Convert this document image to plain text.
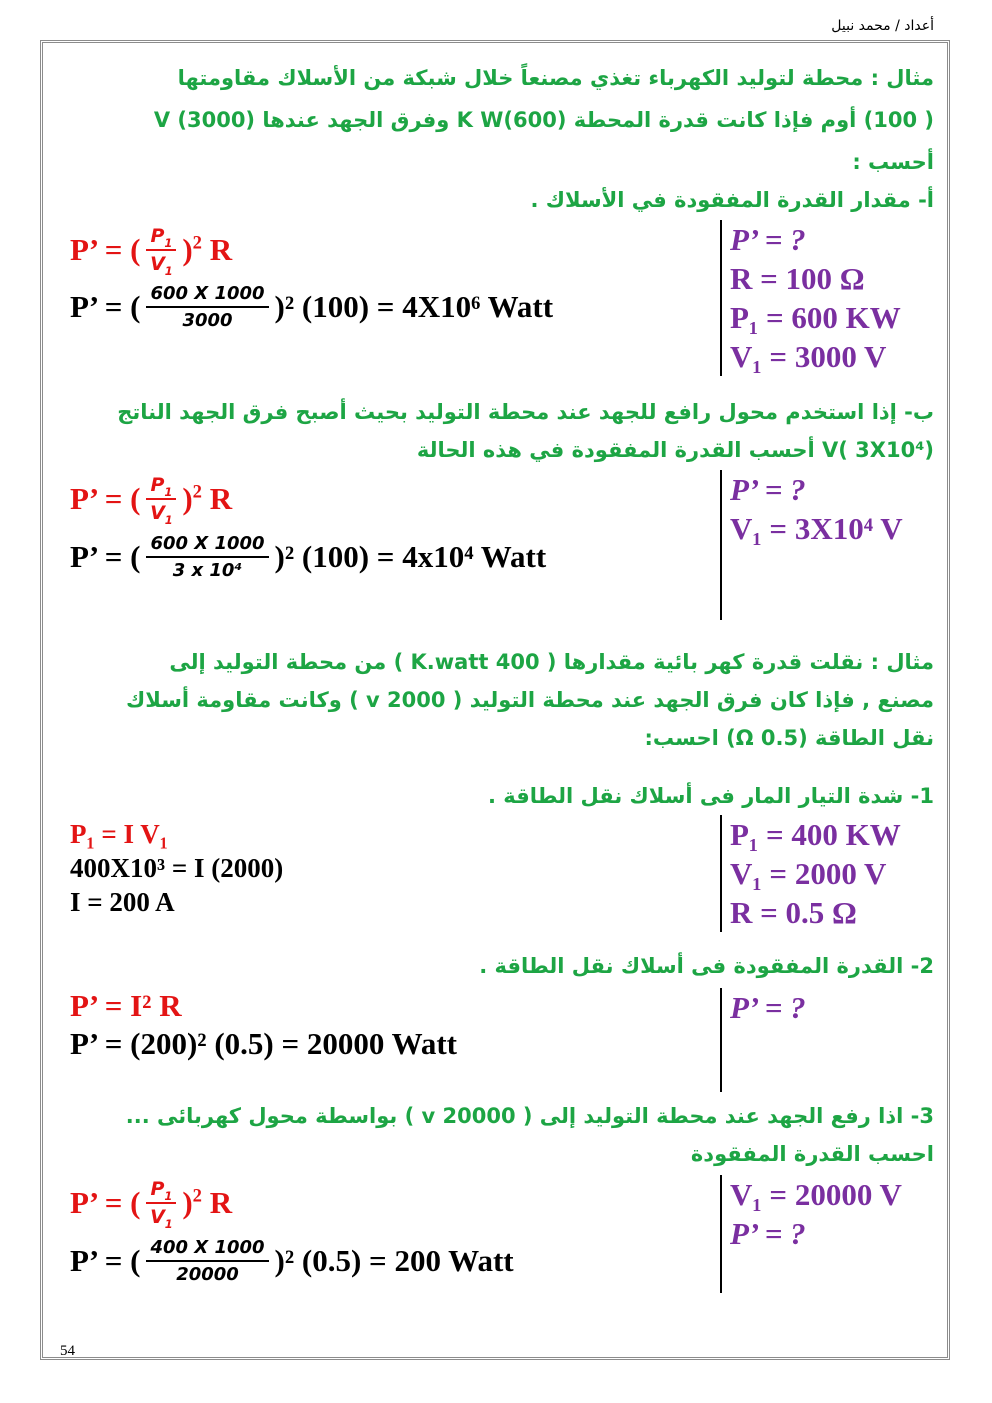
أعداد / محمد نبيل
54
مثال : محطة لتوليد الكهرباء تغذي مصنعاً خلال شبكة من الأسلاك مقاومتها
( 100) أوم فإذا كانت قدرة المحطة (600)K W وفرق الجهد عندها V (3000)
أحسب :
أ- مقدار القدرة المفقودة في الأسلاك .
P’ = ( $\frac{P_1}{V_1} )^2$ R
P’ = ( $\frac{600 X 1000}{3000} )^2$ (100) = 4X10⁶ Watt
P’ = ?
R = 100 Ω
P₁ = 600 KW
V₁ = 3000 V
ب- إذا استخدم محول رافع للجهد عند محطة التوليد بحيث أصبح فرق الجهد الناتج
V( 3X10⁴) أحسب القدرة المفقودة في هذه الحالة
P’ = ( $\frac{P_1}{V_1} )^2$ R
P’ = ( $\frac{600 X 1000}{\text{3 x 10⁴}} )^2$ (100) = 4x10⁴ Watt
P’ = ?
V₁ = 3X10⁴ V
مثال : نقلت قدرة كهر بائية مقدارها ( 400 K.watt ) من محطة التوليد إلى
مصنع , فإذا كان فرق الجهد عند محطة التوليد ( 2000 v ) وكانت مقاومة أسلاك
نقل الطاقة (Ω 0.5) احسب:
1- شدة التيار المار فى أسلاك نقل الطاقة .
P₁ = I V₁
400X10³ = I (2000)
I = 200 A
P₁ = 400 KW
V₁ = 2000 V
R = 0.5 Ω
2- القدرة المفقودة فى أسلاك نقل الطاقة .
P’ = I² R
P’ = (200)² (0.5) = 20000 Watt
P’ = ?
3- اذا رفع الجهد عند محطة التوليد إلى ( 20000 v ) بواسطة محول كهربائى ...
احسب القدرة المفقودة
P’ = ( $\frac{P_1}{V_1} )^2$ R
P’ = ( $\frac{400 X 1000}{20000} )^2$ (0.5) = 200 Watt
V₁ = 20000 V
P’ = ?
